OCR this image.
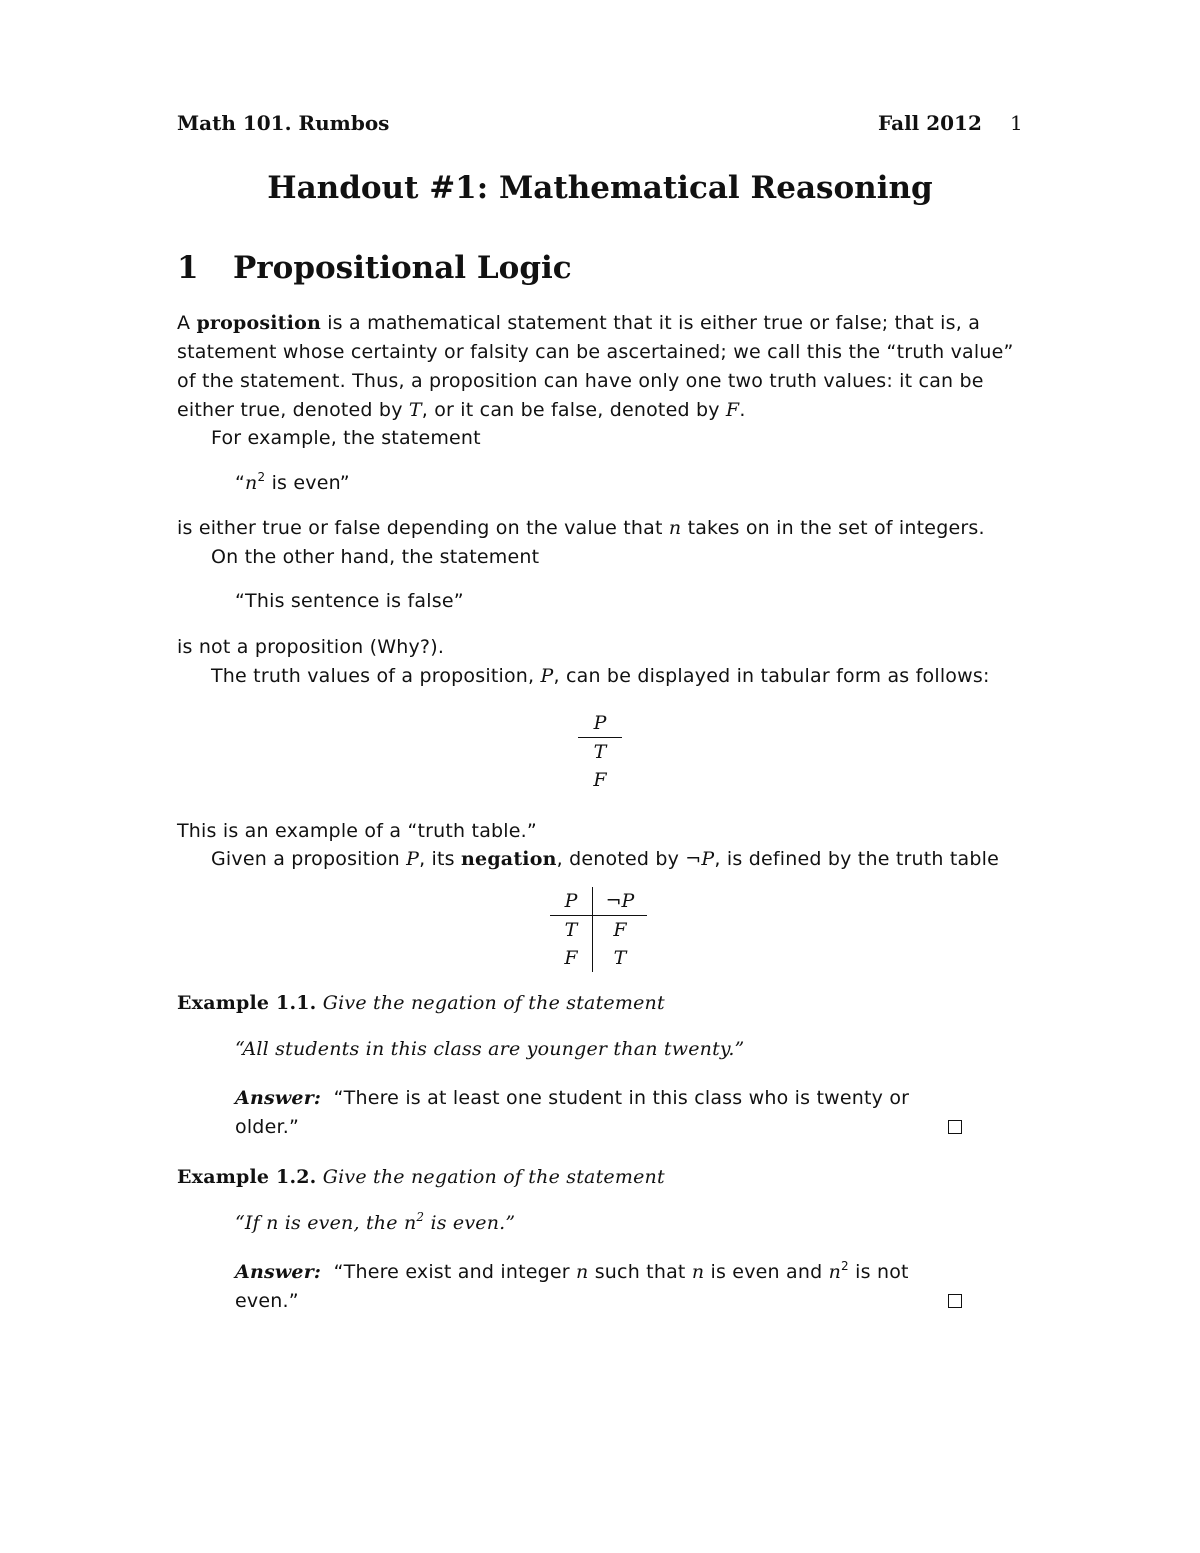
Math 101. Rumbos	Fall 2012 1
Handout #1: Mathematical Reasoning
1 Propositional Logic
A proposition is a mathematical statement that it is either true or false; that is, a
statement whose certainty or falsity can be ascertained; we call this the “truth value”
of the statement. Thus, a proposition can have only one two truth values: it can be
either true, denoted by T, or it can be false, denoted by F.
For example, the statement
“$n^2$ is even”
is either true or false depending on the value that n takes on in the set of integers.
On the other hand, the statement
“This sentence is false”
is not a proposition (Why?).
The truth values of a proposition, P, can be displayed in tabular form as follows:
P
T
F
This is an example of a “truth table.”
Given a proposition P, its negation, denoted by ¬P, is defined by the truth table
P	¬P
T	F
F	T
Example 1.1. Give the negation of the statement
“All students in this class are younger than twenty.”
Answer: “There is at least one student in this class who is twenty or
older.”
Example 1.2. Give the negation of the statement
“If n is even, the $n^2$ is even.”
Answer: “There exist and integer n such that n is even and $n^2$ is not
even.”
